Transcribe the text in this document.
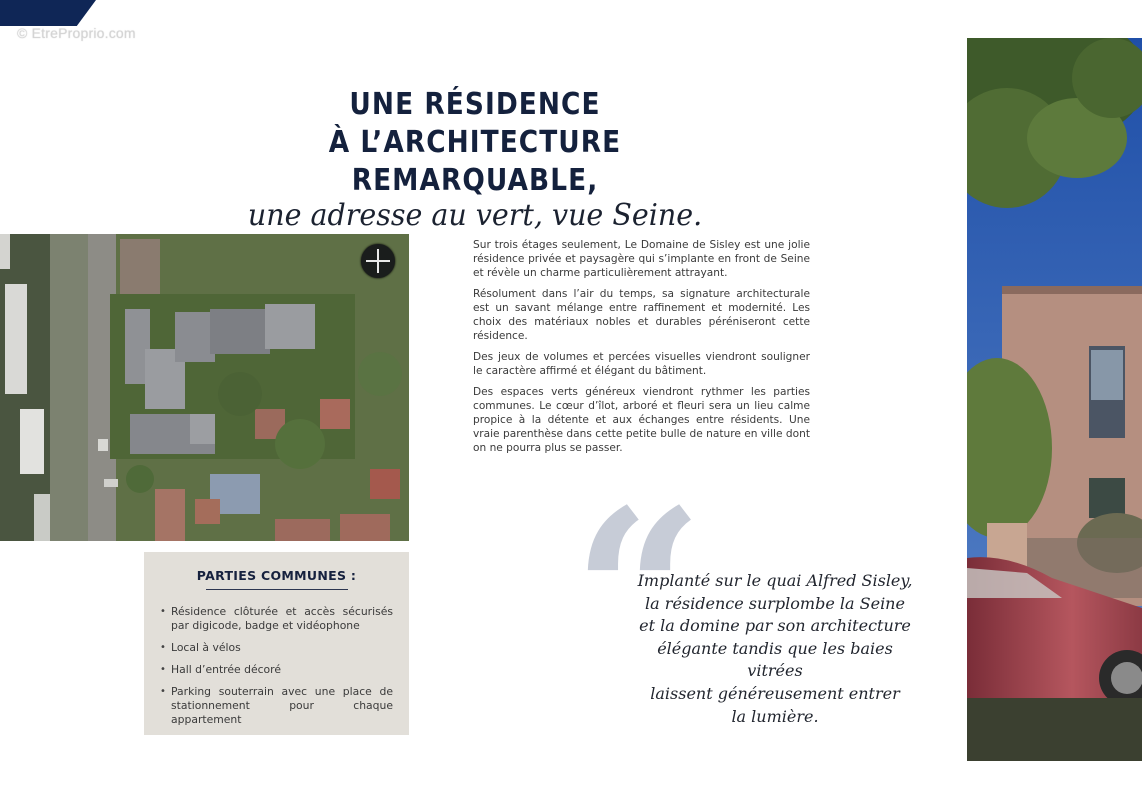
© EtreProprio.com
UNE RÉSIDENCE
À L’ARCHITECTURE REMARQUABLE,
une adresse au vert, vue Seine.

Sur trois étages seulement, Le Domaine de Sisley est une jolie résidence privée et paysagère qui s’implante en front de Seine et révèle un charme particulièrement attrayant.

Résolument dans l’air du temps, sa signature architecturale est un savant mélange entre raffinement et modernité. Les choix des matériaux nobles et durables péréniseront cette résidence.

Des jeux de volumes et percées visuelles viendront souligner le caractère affirmé et élégant du bâtiment.

Des espaces verts généreux viendront rythmer les parties communes. Le cœur d’îlot, arboré et fleuri sera un lieu calme propice à la détente et aux échanges entre résidents. Une vraie parenthèse dans cette petite bulle de nature en ville dont on ne pourra plus se passer.

PARTIES COMMUNES :
• Résidence clôturée et accès sécurisés par digicode, badge et vidéophone
• Local à vélos
• Hall d’entrée décoré
• Parking souterrain avec une place de stationnement pour chaque appartement	“
Implanté sur le quai Alfred Sisley,
la résidence surplombe la Seine
et la domine par son architecture
élégante tandis que les baies vitrées
laissent généreusement entrer
la lumière.
